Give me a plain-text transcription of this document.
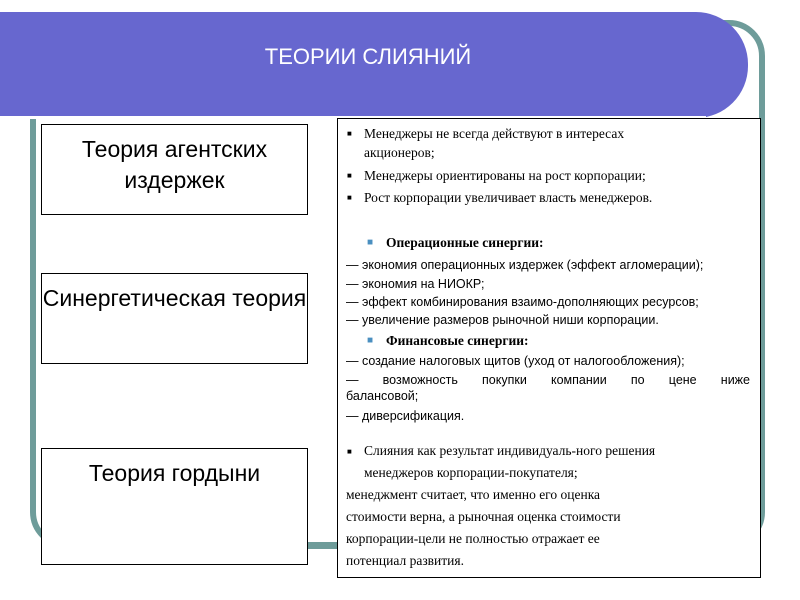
ТЕОРИИ СЛИЯНИЙ
Теория агентских издержек
Синергетическая теория
Теория гордыни
■ Менеджеры не всегда действуют в интересах
акционеров;
■ Менеджеры ориентированы на рост корпорации;
■ Рост корпорации увеличивает власть менеджеров.
■ Операционные синергии:
— экономия операционных издержек (эффект агломерации);
— экономия на НИОКР;
— эффект комбинирования взаимо-дополняющих ресурсов;
— увеличение размеров рыночной ниши корпорации.
■ Финансовые синергии:
— создание налоговых щитов (уход от налогообложения);
— возможность покупки компании по цене ниже
балансовой;
— диверсификация.
■ Слияния как результат индивидуаль-ного решения
менеджеров корпорации-покупателя;
менеджмент считает, что именно его оценка
стоимости верна, а рыночная оценка стоимости
корпорации-цели не полностью отражает ее
потенциал развития.
